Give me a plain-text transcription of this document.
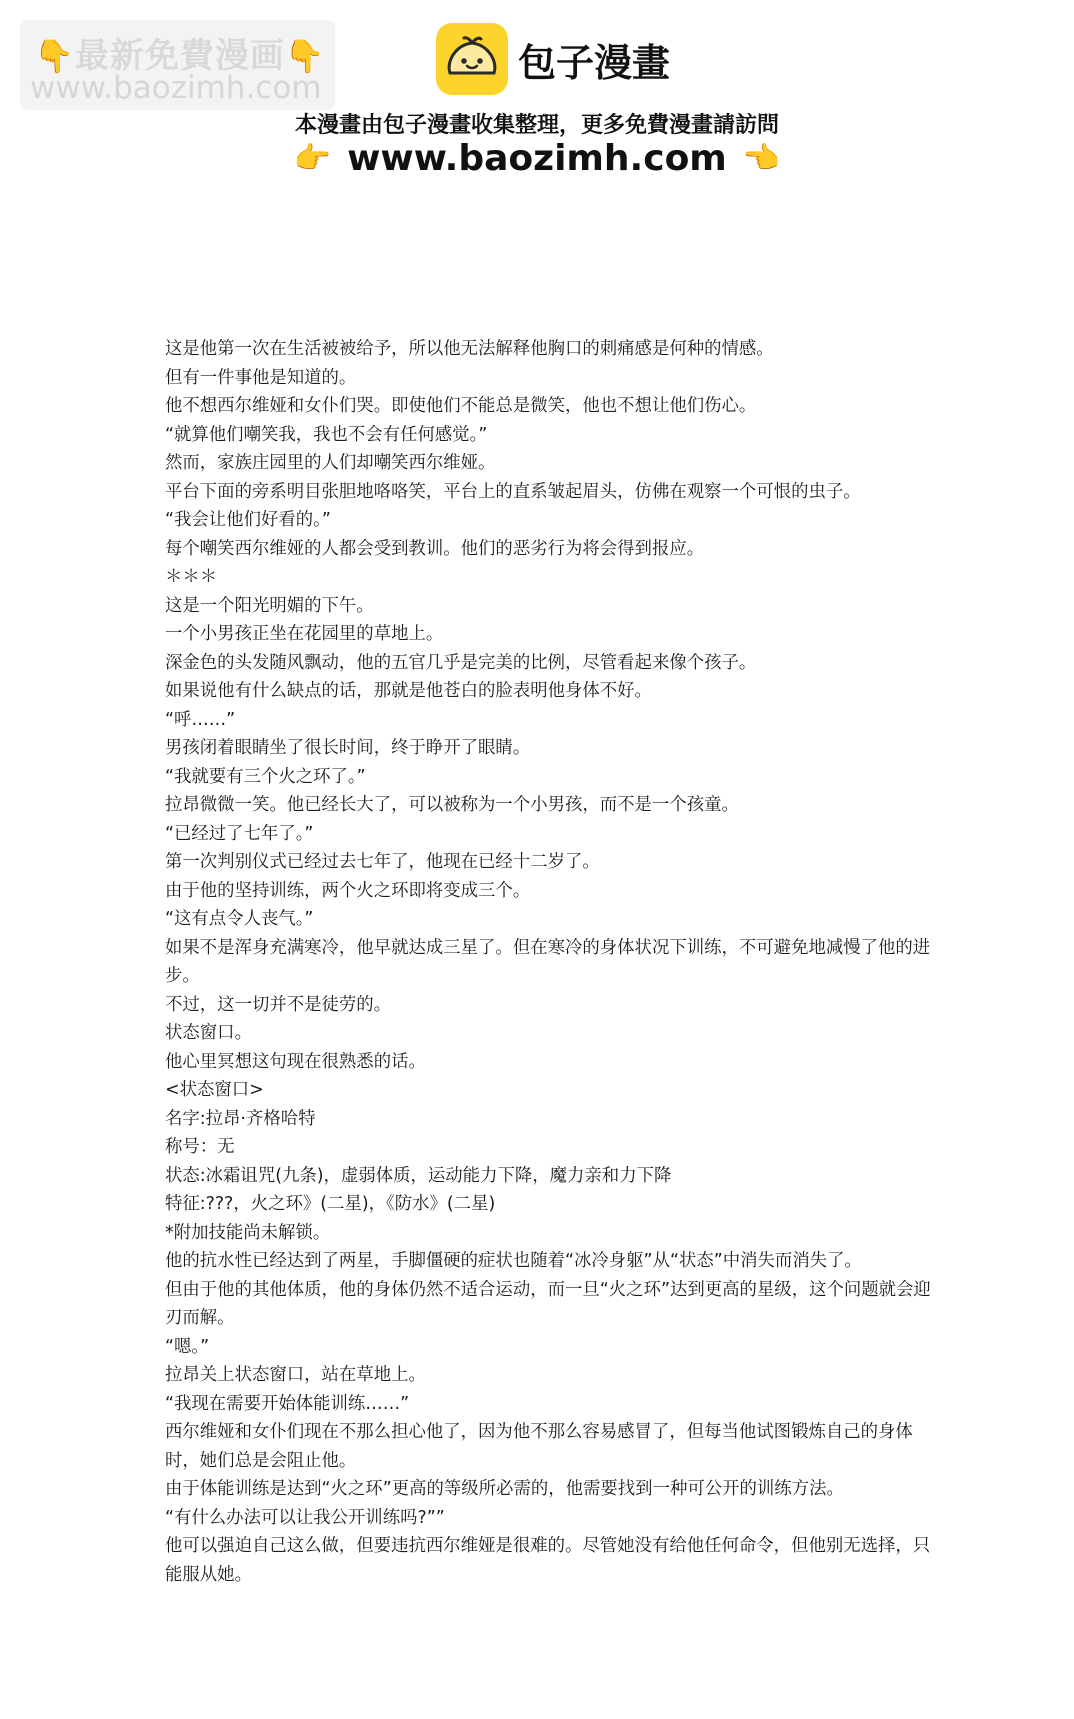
👇最新免費漫画👇
www.baozimh.com
包子漫畫
本漫畫由包子漫畫收集整理，更多免費漫畫請訪問
👉 www.baozimh.com 👈

这是他第一次在生活被被给予，所以他无法解释他胸口的刺痛感是何种的情感。

但有一件事他是知道的。

他不想西尔维娅和女仆们哭。即使他们不能总是微笑，他也不想让他们伤心。

“就算他们嘲笑我，我也不会有任何感觉。”

然而，家族庄园里的人们却嘲笑西尔维娅。

平台下面的旁系明目张胆地咯咯笑，平台上的直系皱起眉头，仿佛在观察一个可恨的虫子。

“我会让他们好看的。”

每个嘲笑西尔维娅的人都会受到教训。他们的恶劣行为将会得到报应。

＊＊＊

这是一个阳光明媚的下午。

一个小男孩正坐在花园里的草地上。

深金色的头发随风飘动，他的五官几乎是完美的比例，尽管看起来像个孩子。

如果说他有什么缺点的话，那就是他苍白的脸表明他身体不好。

“呼……”

男孩闭着眼睛坐了很长时间，终于睁开了眼睛。

“我就要有三个火之环了。”

拉昂微微一笑。他已经长大了，可以被称为一个小男孩，而不是一个孩童。

“已经过了七年了。”

第一次判别仪式已经过去七年了，他现在已经十二岁了。

由于他的坚持训练，两个火之环即将变成三个。

“这有点令人丧气。”

如果不是浑身充满寒冷，他早就达成三星了。但在寒冷的身体状况下训练，不可避免地减慢了他的进步。

不过，这一切并不是徒劳的。

状态窗口。

他心里冥想这句现在很熟悉的话。

<状态窗口>

名字:拉昂·齐格哈特

称号：无

状态:冰霜诅咒(九条)，虚弱体质，运动能力下降，魔力亲和力下降

特征:???，火之环》(二星)，《防水》(二星)

*附加技能尚未解锁。

他的抗水性已经达到了两星，手脚僵硬的症状也随着“冰冷身躯”从“状态”中消失而消失了。

但由于他的其他体质，他的身体仍然不适合运动，而一旦“火之环”达到更高的星级，这个问题就会迎刃而解。

“嗯。”

拉昂关上状态窗口，站在草地上。

“我现在需要开始体能训练……”

西尔维娅和女仆们现在不那么担心他了，因为他不那么容易感冒了，但每当他试图锻炼自己的身体时，她们总是会阻止他。

由于体能训练是达到“火之环”更高的等级所必需的，他需要找到一种可公开的训练方法。

“有什么办法可以让我公开训练吗?””

他可以强迫自己这么做，但要违抗西尔维娅是很难的。尽管她没有给他任何命令，但他别无选择，只能服从她。
